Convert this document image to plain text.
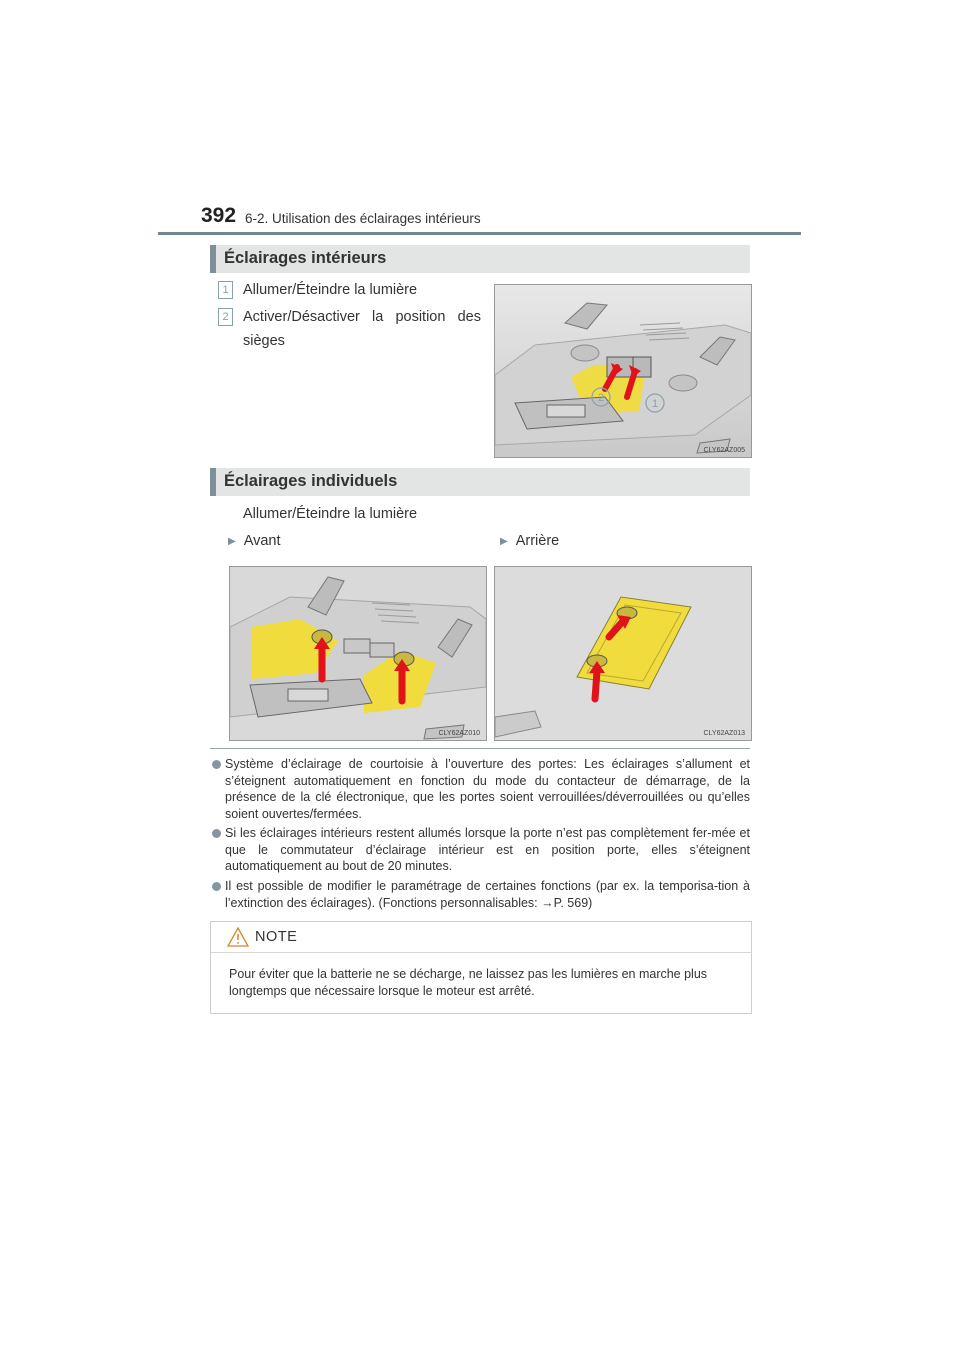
392 6-2. Utilisation des éclairages intérieurs
Éclairages intérieurs
1 Allumer/Éteindre la lumière
2 Activer/Désactiver la position des
sièges
2	1
CLY62AZ005
Éclairages individuels
Allumer/Éteindre la lumière
▶ Avant	▶ Arrière
CLY62AZ010	CLY62AZ013
Système d’éclairage de courtoisie à l’ouverture des portes: Les éclairages s’allument et s’éteignent automatiquement en fonction du mode du contacteur de démarrage, de la présence de la clé électronique, que les portes soient verrouillées/déverrouillées ou qu’elles soient ouvertes/fermées.
Si les éclairages intérieurs restent allumés lorsque la porte n’est pas complètement fer-mée et que le commutateur d’éclairage intérieur est en position porte, elles s’éteignent automatiquement au bout de 20 minutes.
Il est possible de modifier le paramétrage de certaines fonctions (par ex. la temporisa-tion à l’extinction des éclairages). (Fonctions personnalisables: →P. 569)
NOTE
Pour éviter que la batterie ne se décharge, ne laissez pas les lumières en marche plus longtemps que nécessaire lorsque le moteur est arrêté.
